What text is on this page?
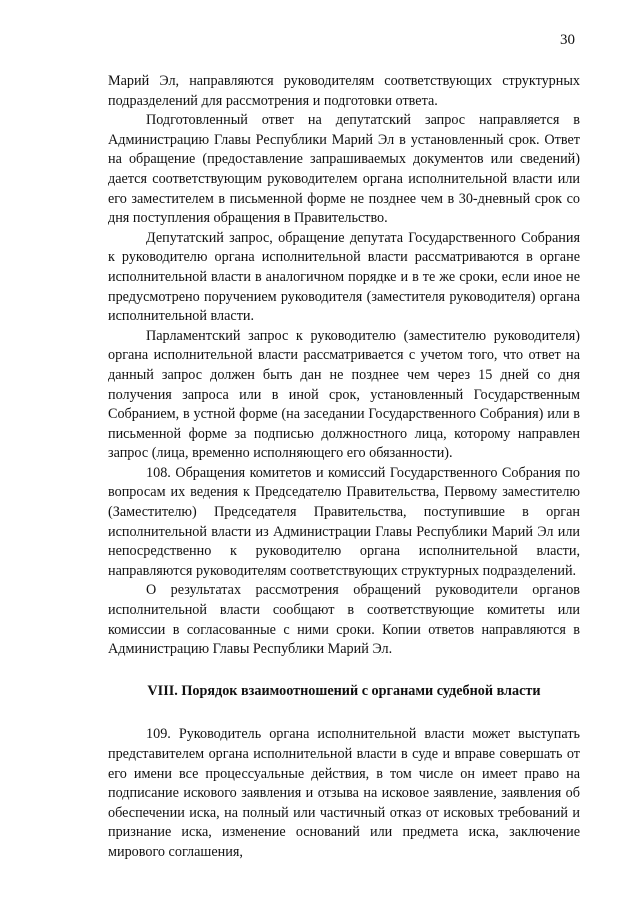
30

Марий Эл, направляются руководителям соответствующих структурных подразделений для рассмотрения и подготовки ответа.

Подготовленный ответ на депутатский запрос направляется в Администрацию Главы Республики Марий Эл в установленный срок. Ответ на обращение (предоставление запрашиваемых документов или сведений) дается соответствующим руководителем органа исполнительной власти или его заместителем в письменной форме не позднее чем в 30-дневный срок со дня поступления обращения в Правительство.

Депутатский запрос, обращение депутата Государственного Собрания к руководителю органа исполнительной власти рассматриваются в органе исполнительной власти в аналогичном порядке и в те же сроки, если иное не предусмотрено поручением руководителя (заместителя руководителя) органа исполнительной власти.

Парламентский запрос к руководителю (заместителю руководителя) органа исполнительной власти рассматривается с учетом того, что ответ на данный запрос должен быть дан не позднее чем через 15 дней со дня получения запроса или в иной срок, установленный Государственным Собранием, в устной форме (на заседании Государственного Собрания) или в письменной форме за подписью должностного лица, которому направлен запрос (лица, временно исполняющего его обязанности).

108. Обращения комитетов и комиссий Государственного Собрания по вопросам их ведения к Председателю Правительства, Первому заместителю (Заместителю) Председателя Правительства, поступившие в орган исполнительной власти из Администрации Главы Республики Марий Эл или непосредственно к руководителю органа исполнительной власти, направляются руководителям соответствующих структурных подразделений.

О результатах рассмотрения обращений руководители органов исполнительной власти сообщают в соответствующие комитеты или комиссии в согласованные с ними сроки. Копии ответов направляются в Администрацию Главы Республики Марий Эл.

VIII. Порядок взаимоотношений с органами судебной власти

109. Руководитель органа исполнительной власти может выступать представителем органа исполнительной власти в суде и вправе совершать от его имени все процессуальные действия, в том числе он имеет право на подписание искового заявления и отзыва на исковое заявление, заявления об обеспечении иска, на полный или частичный отказ от исковых требований и признание иска, изменение оснований или предмета иска, заключение мирового соглашения,
